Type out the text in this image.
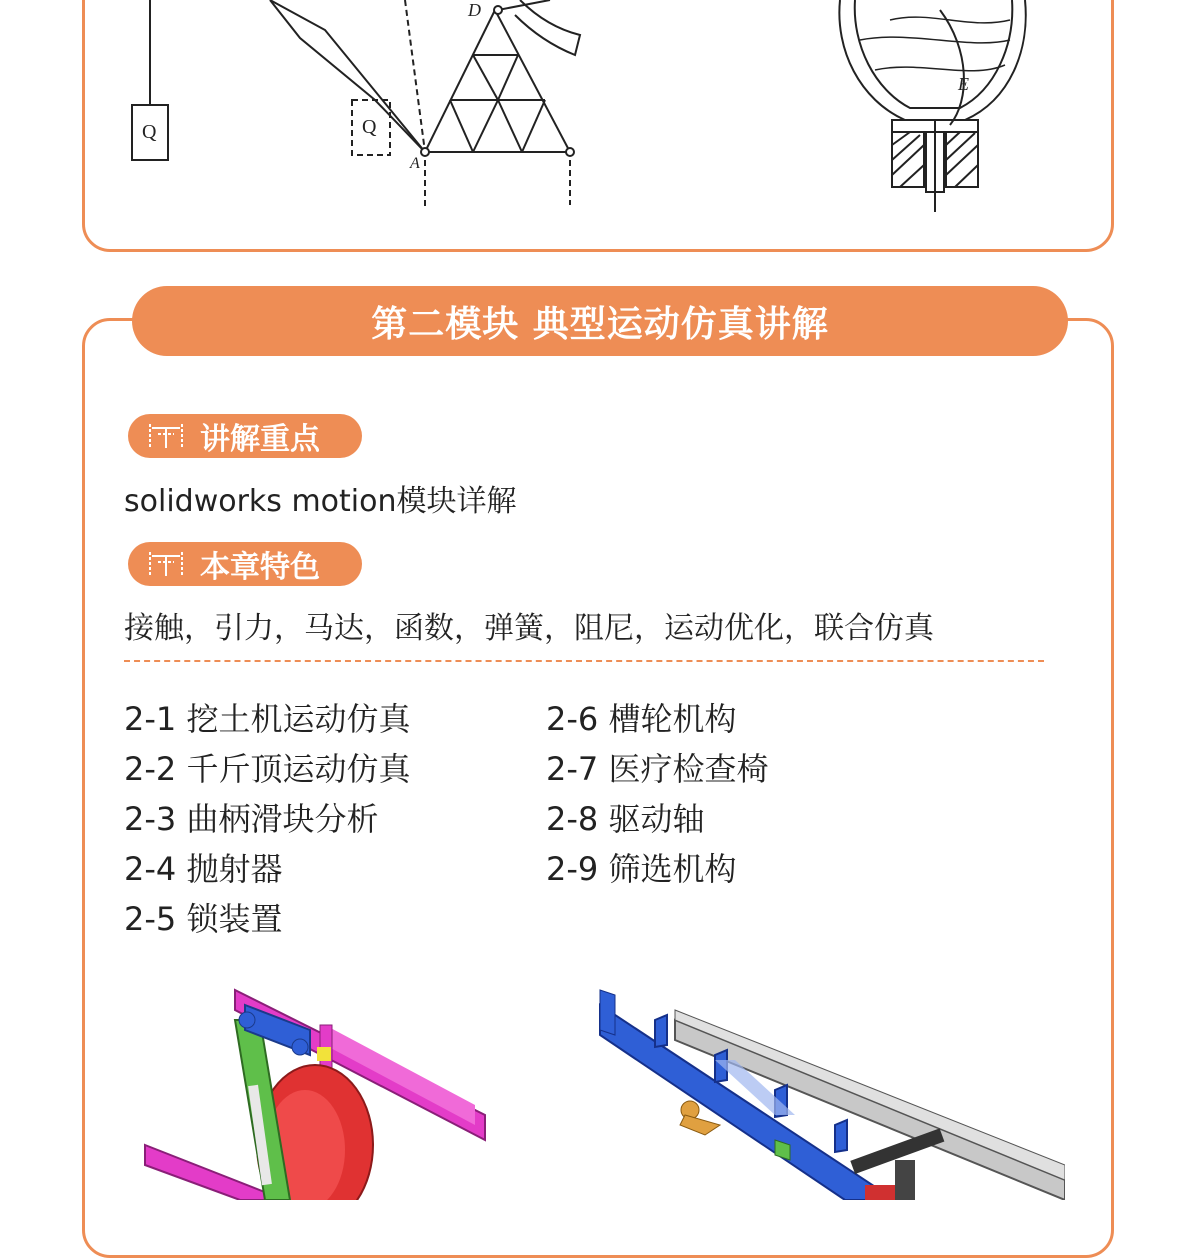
Q	Q
D
A
E
第二模块 典型运动仿真讲解
讲解重点
solidworks motion模块详解
本章特色
接触，引力，马达，函数，弹簧，阻尼，运动优化，联合仿真
2-1 挖土机运动仿真
2-2 千斤顶运动仿真
2-3 曲柄滑块分析
2-4 抛射器
2-5 锁装置
2-6 槽轮机构
2-7 医疗检查椅
2-8 驱动轴
2-9 筛选机构
